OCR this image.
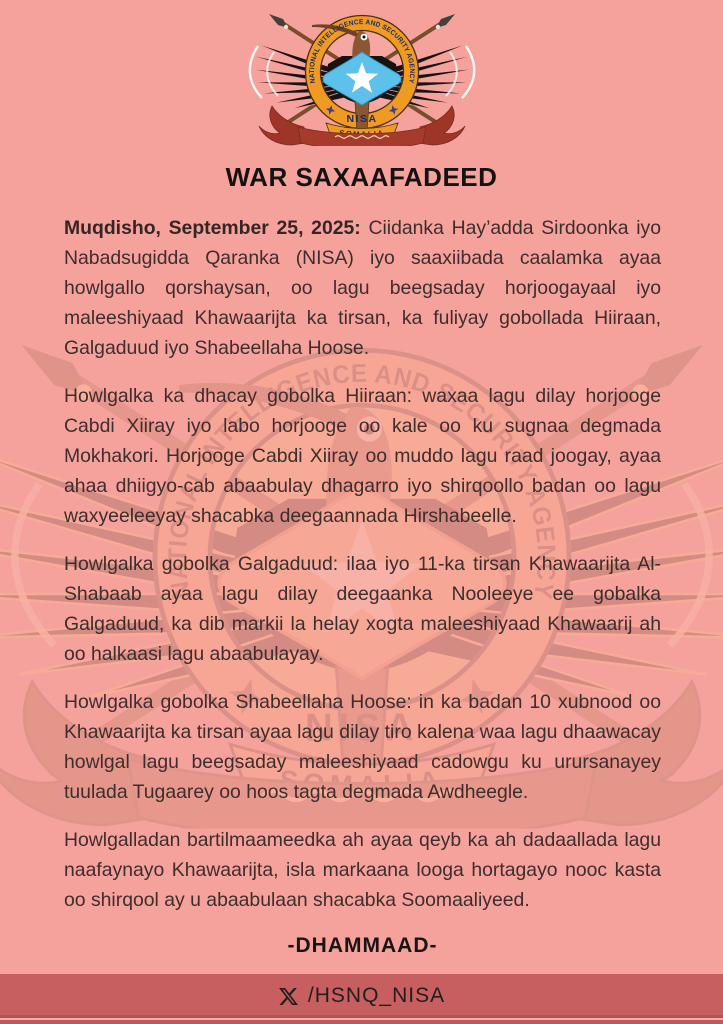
WAR SAXAAFADEED

Muqdisho, September 25, 2025: Ciidanka Hay’adda Sirdoonka iyo Nabadsugidda Qaranka (NISA) iyo saaxiibada caalamka ayaa howlgallo qorshaysan, oo lagu beegsaday horjoogayaal iyo maleeshiyaad Khawaarijta ka tirsan, ka fuliyay gobollada Hiiraan, Galgaduud iyo Shabeellaha Hoose.

Howlgalka ka dhacay gobolka Hiiraan: waxaa lagu dilay horjooge Cabdi Xiiray iyo labo horjooge oo kale oo ku sugnaa degmada Mokhakori. Horjooge Cabdi Xiiray oo muddo lagu raad joogay, ayaa ahaa dhiigyo-cab abaabulay dhagarro iyo shirqoollo badan oo lagu waxyeeleeyay shacabka deegaannada Hirshabeelle.

Howlgalka gobolka Galgaduud: ilaa iyo 11-ka tirsan Khawaarijta Al-Shabaab ayaa lagu dilay deegaanka Nooleeye ee gobalka Galgaduud, ka dib markii la helay xogta maleeshiyaad Khawaarij ah oo halkaasi lagu abaabulayay.

Howlgalka gobolka Shabeellaha Hoose: in ka badan 10 xubnood oo Khawaarijta ka tirsan ayaa lagu dilay tiro kalena waa lagu dhaawacay howlgal lagu beegsaday maleeshiyaad cadowgu ku urursanayey tuulada Tugaarey oo hoos tagta degmada Awdheegle.

Howlgalladan bartilmaameedka ah ayaa qeyb ka ah dadaallada lagu naafaynayo Khawaarijta, isla markaana looga hortagayo nooc kasta oo shirqool ay u abaabulaan shacabka Soomaaliyeed.

-DHAMMAAD-

/HSNQ_NISA
